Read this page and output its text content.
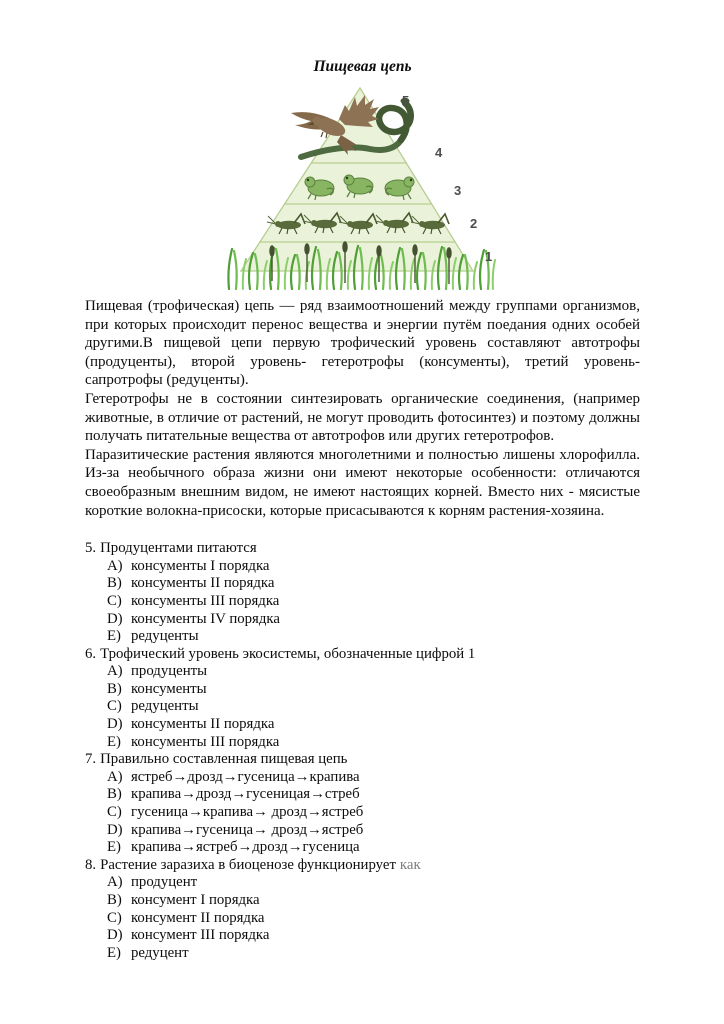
Пищевая цепь
5
4
3
2
1

Пищевая (трофическая) цепь — ряд взаимоотношений между группами организмов, при которых происходит перенос вещества и энергии путём поедания одних особей другими.В пищевой цепи первую трофический уровень составляют автотрофы (продуценты), второй уровень- гетеротрофы (консументы), третий уровень-сапротрофы (редуценты).

Гетеротрофы не в состоянии синтезировать органические соединения, (например животные, в отличие от растений, не могут проводить фотосинтез) и поэтому должны получать питательные вещества от автотрофов или других гетеротрофов.

Паразитические растения являются многолетними и полностью лишены хлорофилла. Из-за необычного образа жизни они имеют некоторые особенности: отличаются своеобразным внешним видом, не имеют настоящих корней. Вместо них - мясистые короткие волокна-присоски, которые присасываются к корням растения-хозяина.

5. Продуцентами питаются
A) консументы I порядка
B) консументы II порядка
C) консументы III порядка
D) консументы IV порядка
E) редуценты
6. Трофический уровень экосистемы, обозначенные цифрой 1
A) продуценты
B) консументы
C) редуценты
D) консументы II порядка
E) консументы III порядка
7. Правильно составленная пищевая цепь
A) ястреб→дрозд→гусеница→крапива
B) крапива→дрозд→гусеницая→стреб
C) гусеница→крапива→ дрозд→ястреб
D) крапива→гусеница→ дрозд→ястреб
E) крапива→ястреб→дрозд→гусеница
8. Растение заразиха в биоценозе функционирует как
A) продуцент
B) консумент I порядка
C) консумент II порядка
D) консумент III порядка
E) редуцент
